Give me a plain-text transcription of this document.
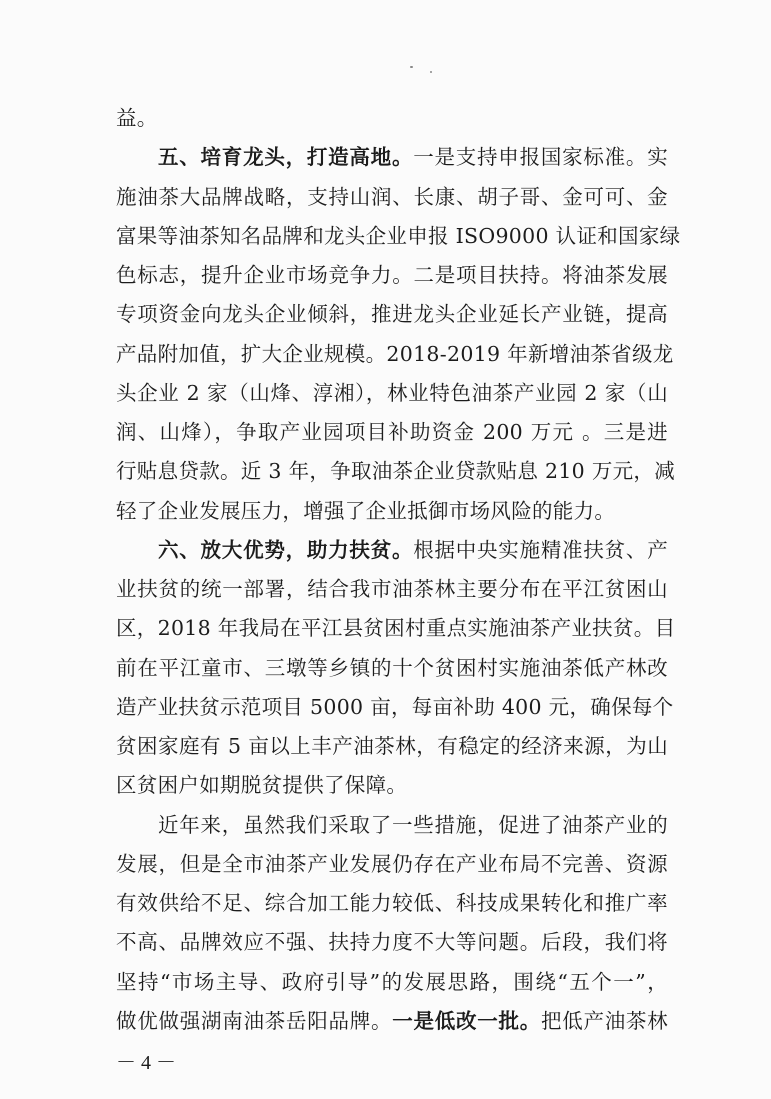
益。
五、培育龙头，打造高地。一是支持申报国家标准。实
施油茶大品牌战略，支持山润、长康、胡子哥、金可可、金
富果等油茶知名品牌和龙头企业申报 ISO9000 认证和国家绿
色标志，提升企业市场竞争力。二是项目扶持。将油茶发展
专项资金向龙头企业倾斜，推进龙头企业延长产业链，提高
产品附加值，扩大企业规模。2018-2019 年新增油茶省级龙
头企业 2 家（山烽、淳湘），林业特色油茶产业园 2 家（山
润、山烽），争取产业园项目补助资金 200 万元 。三是进
行贴息贷款。近 3 年，争取油茶企业贷款贴息 210 万元，减
轻了企业发展压力，增强了企业抵御市场风险的能力。
六、放大优势，助力扶贫。根据中央实施精准扶贫、产
业扶贫的统一部署，结合我市油茶林主要分布在平江贫困山
区，2018 年我局在平江县贫困村重点实施油茶产业扶贫。目
前在平江童市、三墩等乡镇的十个贫困村实施油茶低产林改
造产业扶贫示范项目 5000 亩，每亩补助 400 元，确保每个
贫困家庭有 5 亩以上丰产油茶林，有稳定的经济来源，为山
区贫困户如期脱贫提供了保障。
近年来，虽然我们采取了一些措施，促进了油茶产业的
发展，但是全市油茶产业发展仍存在产业布局不完善、资源
有效供给不足、综合加工能力较低、科技成果转化和推广率
不高、品牌效应不强、扶持力度不大等问题。后段，我们将
坚持“市场主导、政府引导”的发展思路，围绕“五个一”，
做优做强湖南油茶岳阳品牌。一是低改一批。把低产油茶林
－ 4 －
